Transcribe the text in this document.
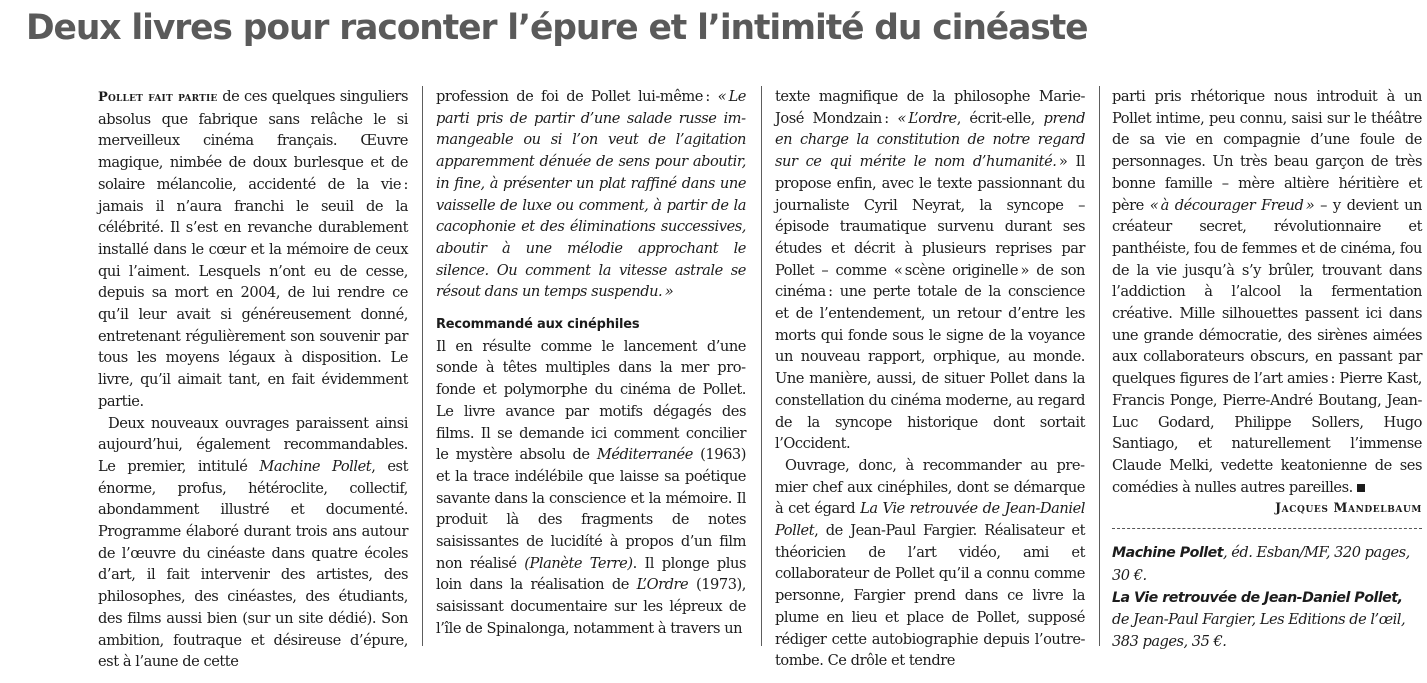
Deux livres pour raconter l’épure et l’intimité du cinéaste

Pollet fait partie de ces quelques singuliers absolus que fabrique sans relâche le si merveilleux cinéma français. Œuvre magique, nimbée de doux burlesque et de solaire mélancolie, accidenté de la vie : jamais il n’aura franchi le seuil de la célébrité. Il s’est en revanche durablement installé dans le cœur et la mémoire de ceux qui l’aiment. Lesquels n’ont eu de cesse, depuis sa mort en 2004, de lui rendre ce qu’il leur avait si généreusement donné, entretenant régulièrement son souvenir par tous les moyens légaux à disposition. Le livre, qu’il aimait tant, en fait évidemment partie.

Deux nouveaux ouvrages paraissent ainsi aujourd’hui, également recommandables. Le premier, intitulé Machine Pollet, est énorme, profus, hétéroclite, collectif, abondamment illustré et documenté. Programme élaboré durant trois ans autour de l’œuvre du cinéaste dans quatre écoles d’art, il fait intervenir des artistes, des philosophes, des cinéastes, des étudiants, des films aussi bien (sur un site dédié). Son ambition, foutraque et désireuse d’épure, est à l’aune de cette

profession de foi de Pollet lui-même : « Le parti pris de partir d’une salade russe immangeable ou si l’on veut de l’agitation apparemment dénuée de sens pour aboutir, in fine, à présenter un plat raffiné dans une vaisselle de luxe ou comment, à partir de la cacophonie et des éliminations successives, aboutir à une mélodie approchant le silence. Ou comment la vitesse astrale se résout dans un temps suspendu. »

Recommandé aux cinéphiles

Il en résulte comme le lancement d’une sonde à têtes multiples dans la mer profonde et polymorphe du cinéma de Pollet. Le livre avance par motifs dégagés des films. Il se demande ici comment concilier le mystère absolu de Méditerranée (1963) et la trace indélébile que laisse sa poétique savante dans la conscience et la mémoire. Il produit là des fragments de notes saisissantes de lucidíté à propos d’un film non réalisé (Planète Terre). Il plonge plus loin dans la réalisation de L’Ordre (1973), saisissant documentaire sur les lépreux de l’île de Spinalonga, notamment à travers un

texte magnifique de la philosophe Marie-José Mondzain : « L’ordre, écrit-elle, prend en charge la constitution de notre regard sur ce qui mérite le nom d’humanité. » Il propose enfin, avec le texte passionnant du journaliste Cyril Neyrat, la syncope – épisode traumatique survenu durant ses études et décrit à plusieurs reprises par Pollet – comme « scène originelle » de son cinéma : une perte totale de la conscience et de l’entendement, un retour d’entre les morts qui fonde sous le signe de la voyance un nouveau rapport, orphique, au monde. Une manière, aussi, de situer Pollet dans la constellation du cinéma moderne, au regard de la syncope historique dont sortait l’Occident.

Ouvrage, donc, à recommander au premier chef aux cinéphiles, dont se démarque à cet égard La Vie retrouvée de Jean-Daniel Pollet, de Jean-Paul Fargier. Réalisateur et théoricien de l’art vidéo, ami et collaborateur de Pollet qu’il a connu comme personne, Fargier prend dans ce livre la plume en lieu et place de Pollet, supposé rédiger cette autobiographie depuis l’outre-tombe. Ce drôle et tendre

parti pris rhétorique nous introduit à un Pollet intime, peu connu, saisi sur le théâtre de sa vie en compagnie d’une foule de personnages. Un très beau garçon de très bonne famille – mère altière héritière et père « à décourager Freud » – y devient un créateur secret, révolutionnaire et panthéiste, fou de femmes et de cinéma, fou de la vie jusqu’à s’y brûler, trouvant dans l’addiction à l’alcool la fermentation créative. Mille silhouettes passent ici dans une grande démocratie, des sirènes aimées aux collaborateurs obscurs, en passant par quelques figures de l’art amies : Pierre Kast, Francis Ponge, Pierre-André Boutang, Jean-Luc Godard, Philippe Sollers, Hugo Santiago, et naturellement l’immense Claude Melki, vedette keatonienne de ses comédies à nulles autres pareilles.

Jacques Mandelbaum
Machine Pollet, éd. Esban/MF, 320 pages, 30 €.
La Vie retrouvée de Jean-Daniel Pollet, de Jean-Paul Fargier, Les Editions de l’œil, 383 pages, 35 €.
